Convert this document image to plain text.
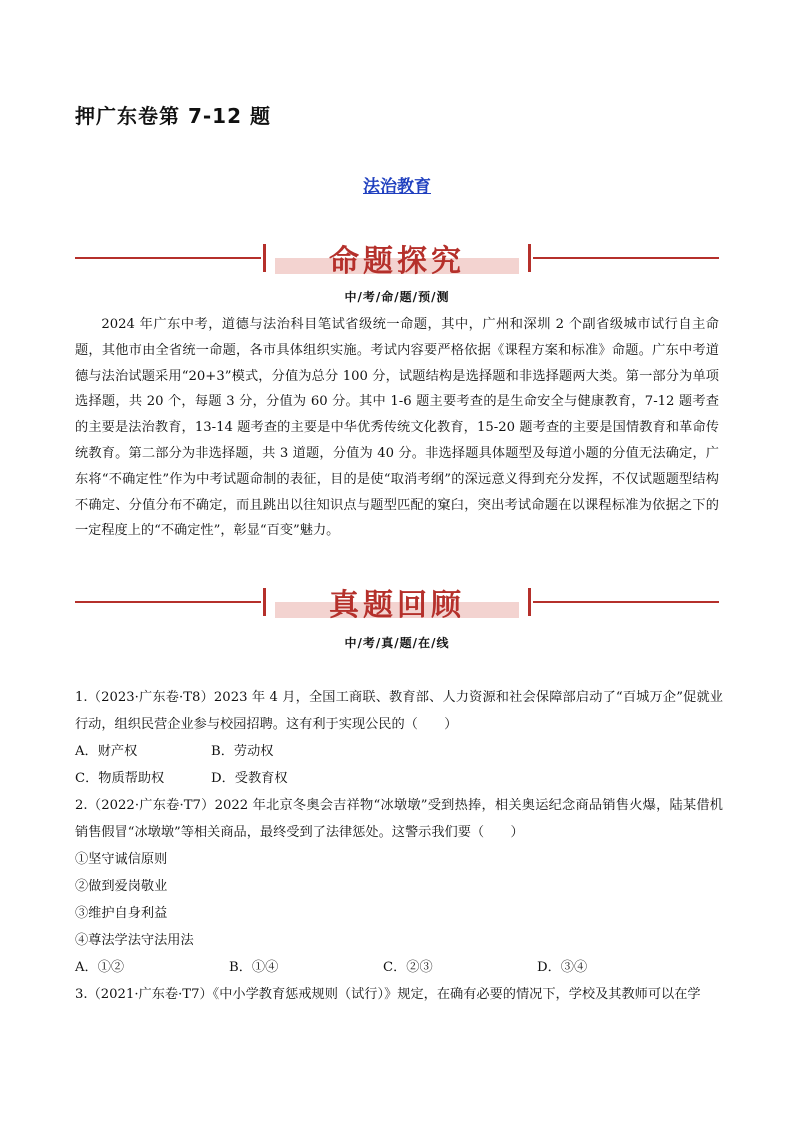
押广东卷第 7-12 题
法治教育
命题探究
中/考/命/题/预/测

2024 年广东中考，道德与法治科目笔试省级统一命题，其中，广州和深圳 2 个副省级城市试行自主命题，其他市由全省统一命题，各市具体组织实施。考试内容要严格依据《课程方案和标准》命题。广东中考道德与法治试题采用“20+3”模式，分值为总分 100 分，试题结构是选择题和非选择题两大类。第一部分为单项选择题，共 20 个，每题 3 分，分值为 60 分。其中 1-6 题主要考查的是生命安全与健康教育，7-12 题考查的主要是法治教育，13-14 题考查的主要是中华优秀传统文化教育，15-20 题考查的主要是国情教育和革命传统教育。第二部分为非选择题，共 3 道题，分值为 40 分。非选择题具体题型及每道小题的分值无法确定，广东将“不确定性”作为中考试题命制的表征，目的是使“取消考纲”的深远意义得到充分发挥，不仅试题题型结构不确定、分值分布不确定，而且跳出以往知识点与题型匹配的窠臼，突出考试命题在以课程标准为依据之下的一定程度上的“不确定性”，彰显“百变”魅力。

真题回顾
中/考/真/题/在/线

1.（2023·广东卷·T8）2023 年 4 月，全国工商联、教育部、人力资源和社会保障部启动了“百城万企”促就业行动，组织民营企业参与校园招聘。这有利于实现公民的（　　）

A．财产权	B．劳动权
C．物质帮助权	D．受教育权

2.（2022·广东卷·T7）2022 年北京冬奥会吉祥物“冰墩墩”受到热捧，相关奥运纪念商品销售火爆，陆某借机销售假冒“冰墩墩”等相关商品，最终受到了法律惩处。这警示我们要（　　）

①坚守诚信原则

②做到爱岗敬业

③维护自身利益

④尊法学法守法用法

A．①②	B．①④	C．②③	D．③④

3.（2021·广东卷·T7）《中小学教育惩戒规则（试行）》规定，在确有必要的情况下，学校及其教师可以在学
